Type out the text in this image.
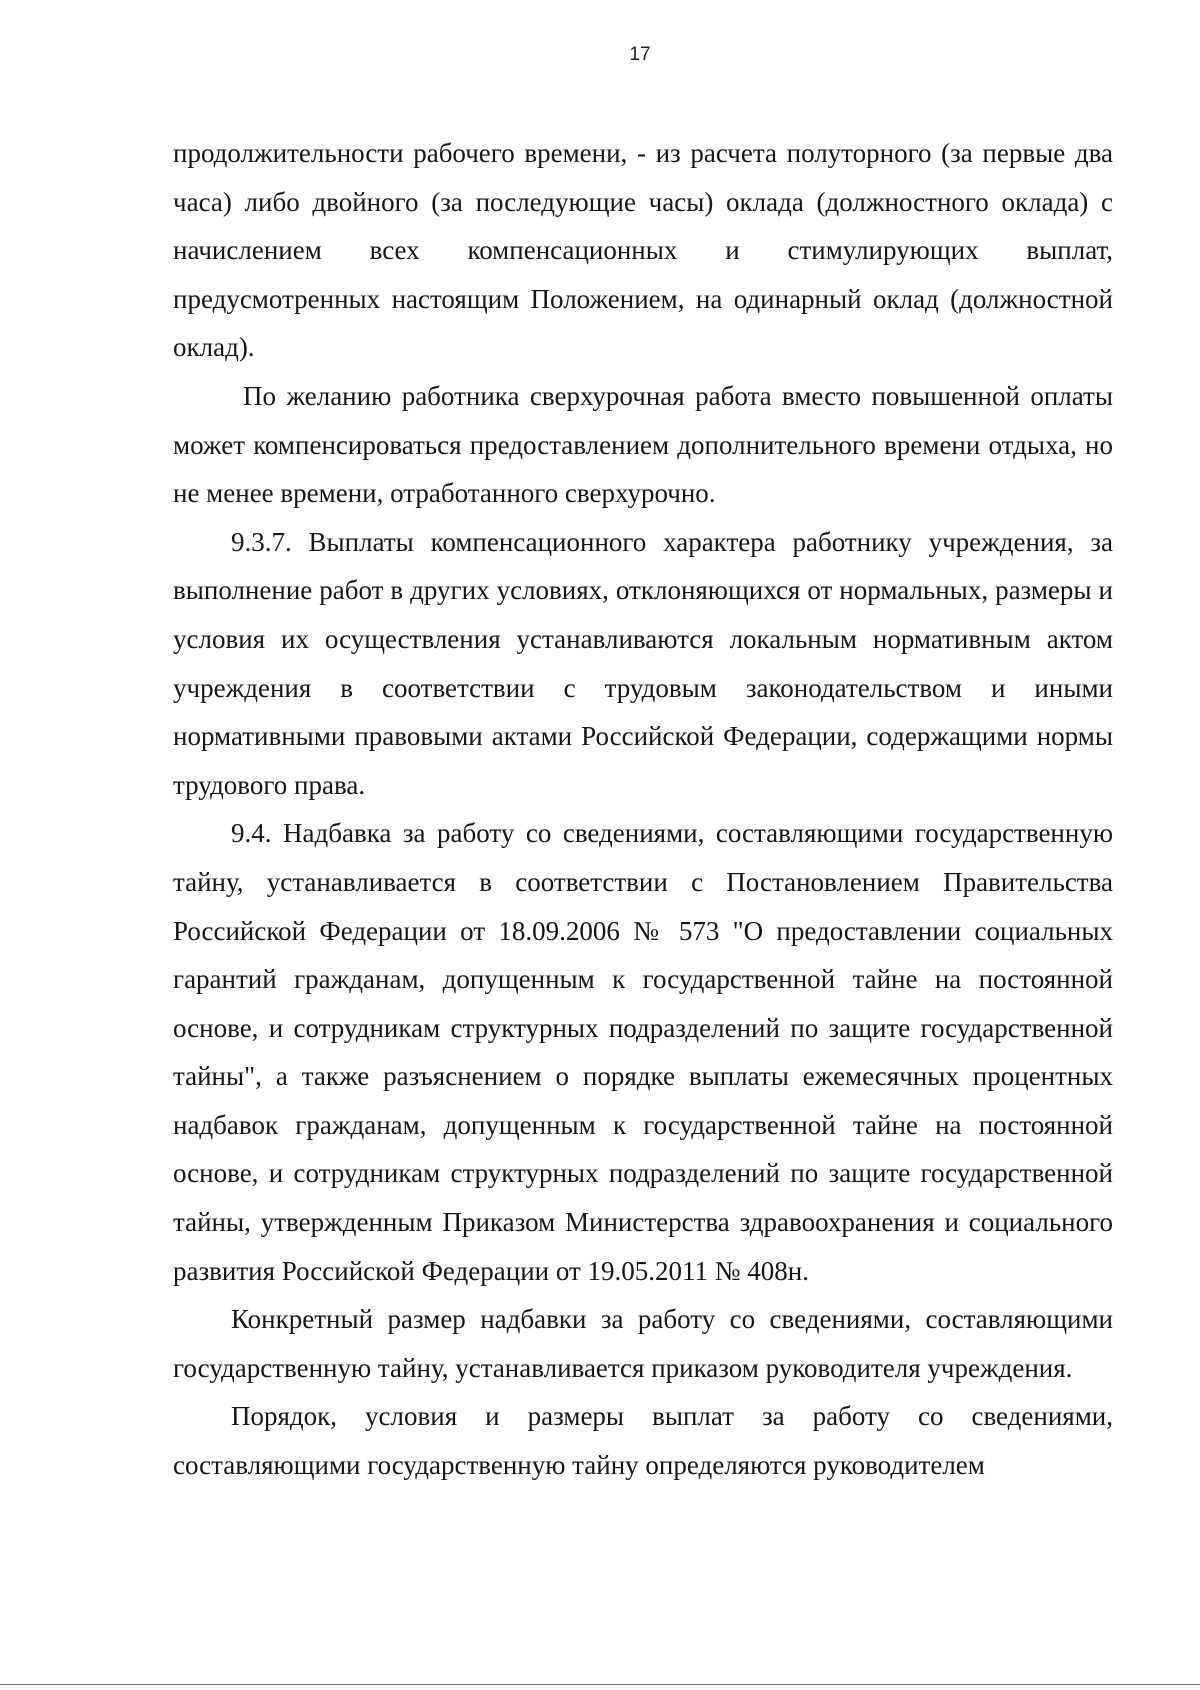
17

продолжительности рабочего времени, - из расчета полуторного (за первые два часа) либо двойного (за последующие часы) оклада (должностного оклада) с начислением всех компенсационных и стимулирующих выплат, предусмотренных настоящим Положением, на одинарный оклад (должностной оклад).

По желанию работника сверхурочная работа вместо повышенной оплаты может компенсироваться предоставлением дополнительного времени отдыха, но не менее времени, отработанного сверхурочно.

9.3.7. Выплаты компенсационного характера работнику учреждения, за выполнение работ в других условиях, отклоняющихся от нормальных, размеры и условия их осуществления устанавливаются локальным нормативным актом учреждения в соответствии с трудовым законодательством и иными нормативными правовыми актами Российской Федерации, содержащими нормы трудового права.

9.4. Надбавка за работу со сведениями, составляющими государственную тайну, устанавливается в соответствии с Постановлением Правительства Российской Федерации от 18.09.2006 № 573 "О предоставлении социальных гарантий гражданам, допущенным к государственной тайне на постоянной основе, и сотрудникам структурных подразделений по защите государственной тайны", а также разъяснением о порядке выплаты ежемесячных процентных надбавок гражданам, допущенным к государственной тайне на постоянной основе, и сотрудникам структурных подразделений по защите государственной тайны, утвержденным Приказом Министерства здравоохранения и социального развития Российской Федерации от 19.05.2011 № 408н.

Конкретный размер надбавки за работу со сведениями, составляющими государственную тайну, устанавливается приказом руководителя учреждения.

Порядок, условия и размеры выплат за работу со сведениями, составляющими государственную тайну определяются руководителем
